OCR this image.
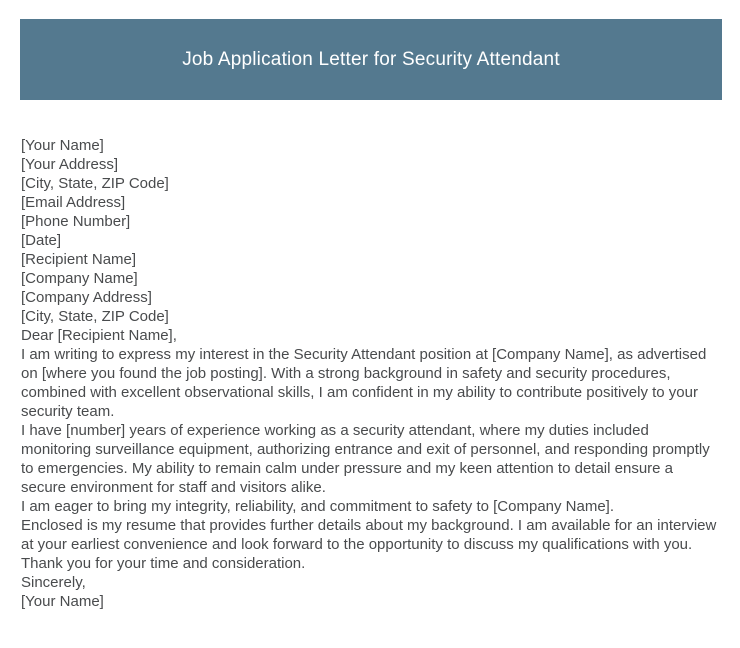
Job Application Letter for Security Attendant

[Your Name]

[Your Address]

[City, State, ZIP Code]

[Email Address]

[Phone Number]

[Date]

[Recipient Name]

[Company Name]

[Company Address]

[City, State, ZIP Code]

Dear [Recipient Name],

I am writing to express my interest in the Security Attendant position at [Company Name], as advertised on [where you found the job posting]. With a strong background in safety and security procedures, combined with excellent observational skills, I am confident in my ability to contribute positively to your security team.

I have [number] years of experience working as a security attendant, where my duties included monitoring surveillance equipment, authorizing entrance and exit of personnel, and responding promptly to emergencies. My ability to remain calm under pressure and my keen attention to detail ensure a secure environment for staff and visitors alike.

I am eager to bring my integrity, reliability, and commitment to safety to [Company Name].

Enclosed is my resume that provides further details about my background. I am available for an interview at your earliest convenience and look forward to the opportunity to discuss my qualifications with you.

Thank you for your time and consideration.

Sincerely,

[Your Name]
